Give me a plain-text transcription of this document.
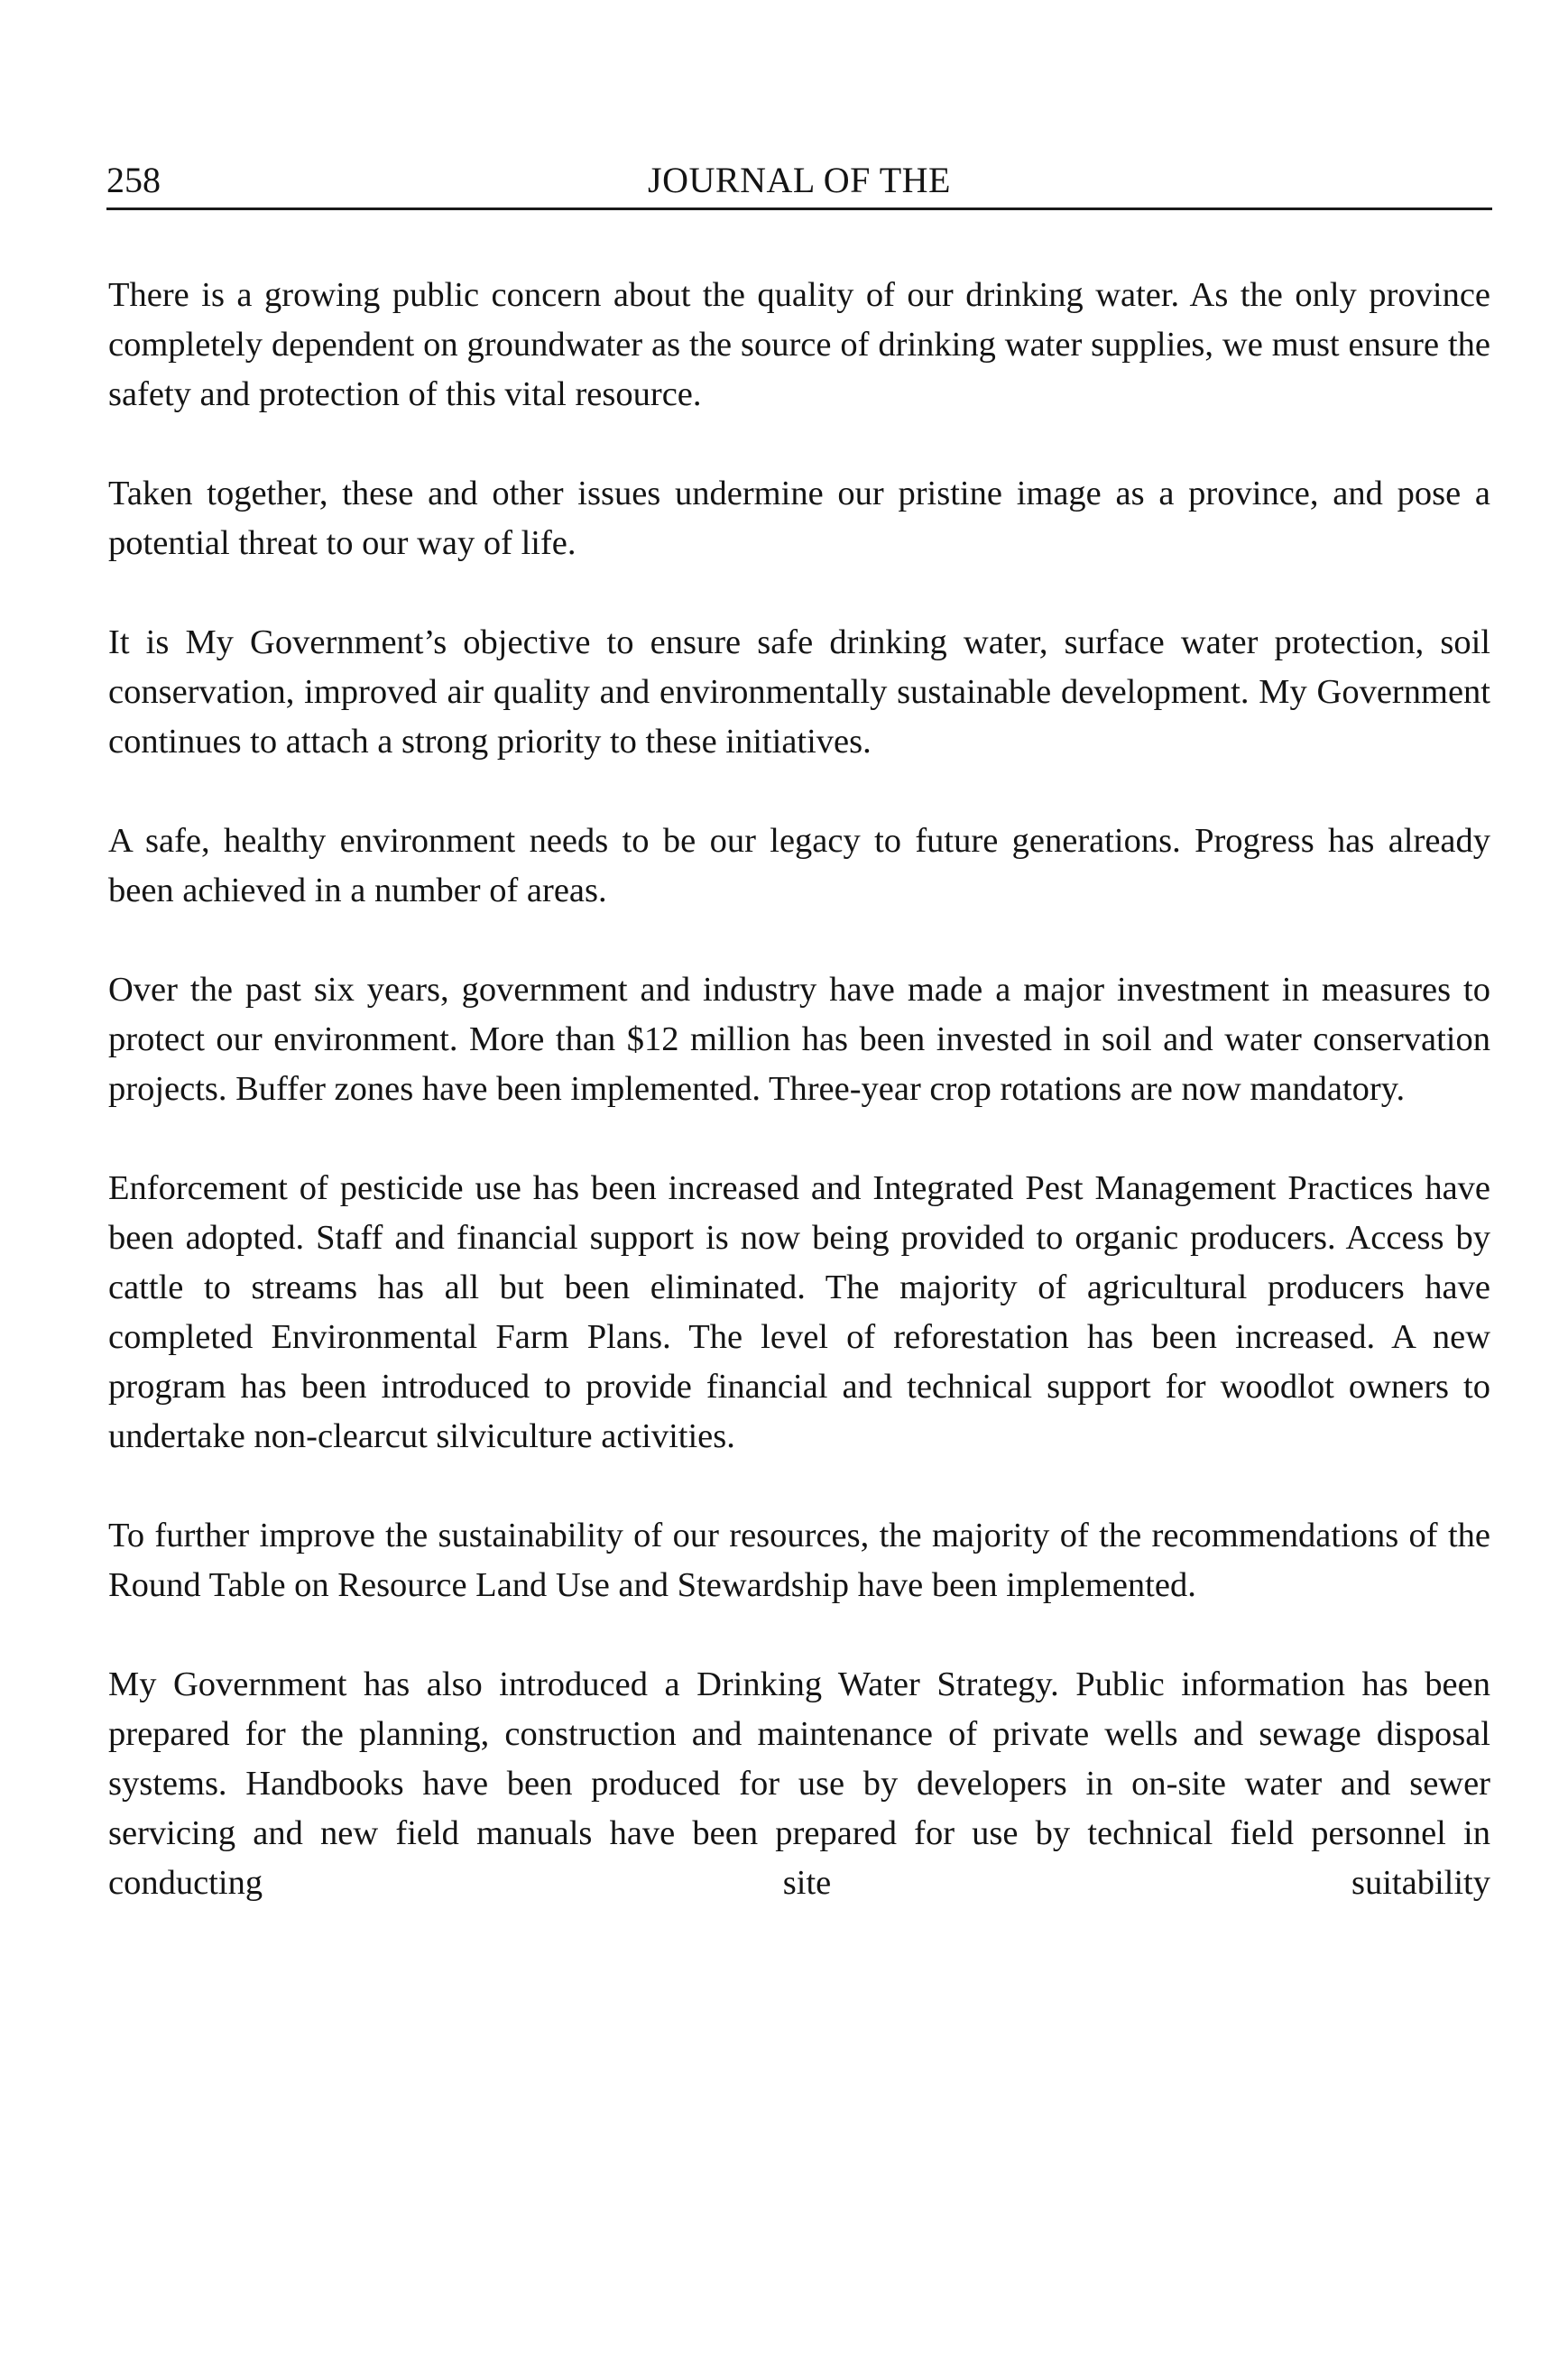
258	JOURNAL OF THE

There is a growing public concern about the quality of our drinking water. As the only province completely dependent on groundwater as the source of drinking water supplies, we must ensure the safety and protection of this vital resource.

Taken together, these and other issues undermine our pristine image as a province, and pose a potential threat to our way of life.

It is My Government’s objective to ensure safe drinking water, surface water protection, soil conservation, improved air quality and environmentally sustainable development. My Government continues to attach a strong priority to these initiatives.

A safe, healthy environment needs to be our legacy to future generations. Progress has already been achieved in a number of areas.

Over the past six years, government and industry have made a major investment in measures to protect our environment. More than $12 million has been invested in soil and water conservation projects. Buffer zones have been implemented. Three-year crop rotations are now mandatory.

Enforcement of pesticide use has been increased and Integrated Pest Management Practices have been adopted. Staff and financial support is now being provided to organic producers. Access by cattle to streams has all but been eliminated. The majority of agricultural producers have completed Environmental Farm Plans. The level of reforestation has been increased. A new program has been introduced to provide financial and technical support for woodlot owners to undertake non-clearcut silviculture activities.

To further improve the sustainability of our resources, the majority of the recommendations of the Round Table on Resource Land Use and Stewardship have been implemented.

My Government has also introduced a Drinking Water Strategy. Public information has been prepared for the planning, construction and maintenance of private wells and sewage disposal systems. Handbooks have been produced for use by developers in on-site water and sewer servicing and new field manuals have been prepared for use by technical field personnel in conducting site suitability
